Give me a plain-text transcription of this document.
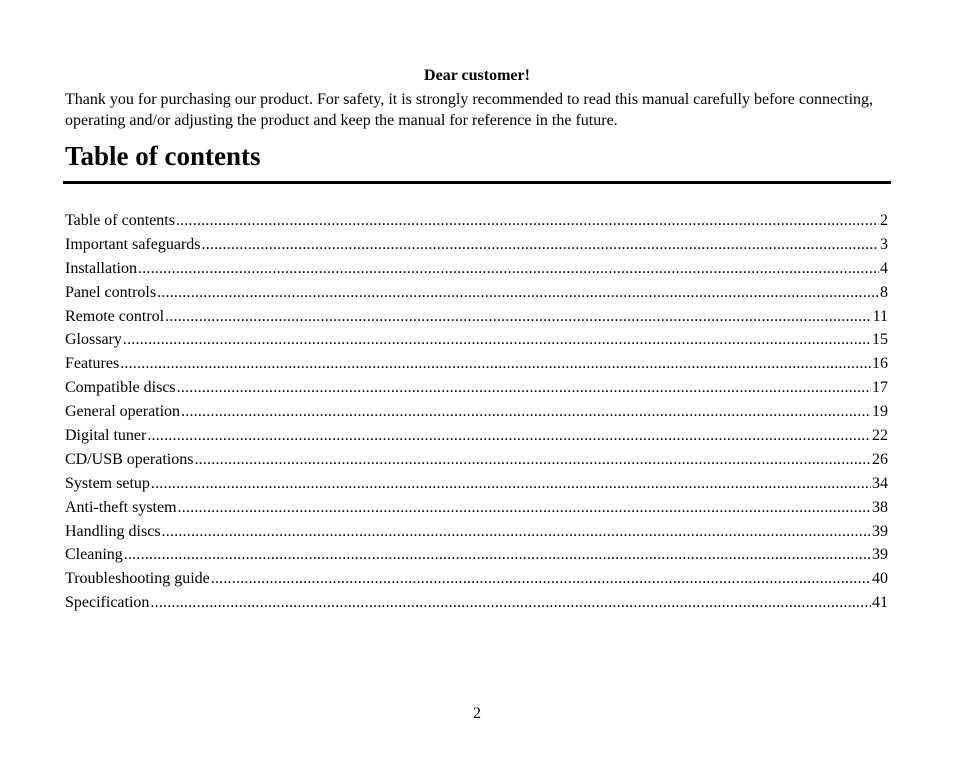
Dear customer!
Thank you for purchasing our product. For safety, it is strongly recommended to read this manual carefully before connecting, operating and/or adjusting the product and keep the manual for reference in the future.
Table of contents
Table of contents .....	2
Important safeguards .....	3
Installation .....	4
Panel controls .....	8
Remote control .....	11
Glossary .....	15
Features .....	16
Compatible discs .....	17
General operation .....	19
Digital tuner .....	22
CD/USB operations .....	26
System setup .....	34
Anti-theft system .....	38
Handling discs .....	39
Cleaning .....	39
Troubleshooting guide .....	40
Specification .....	41
2
